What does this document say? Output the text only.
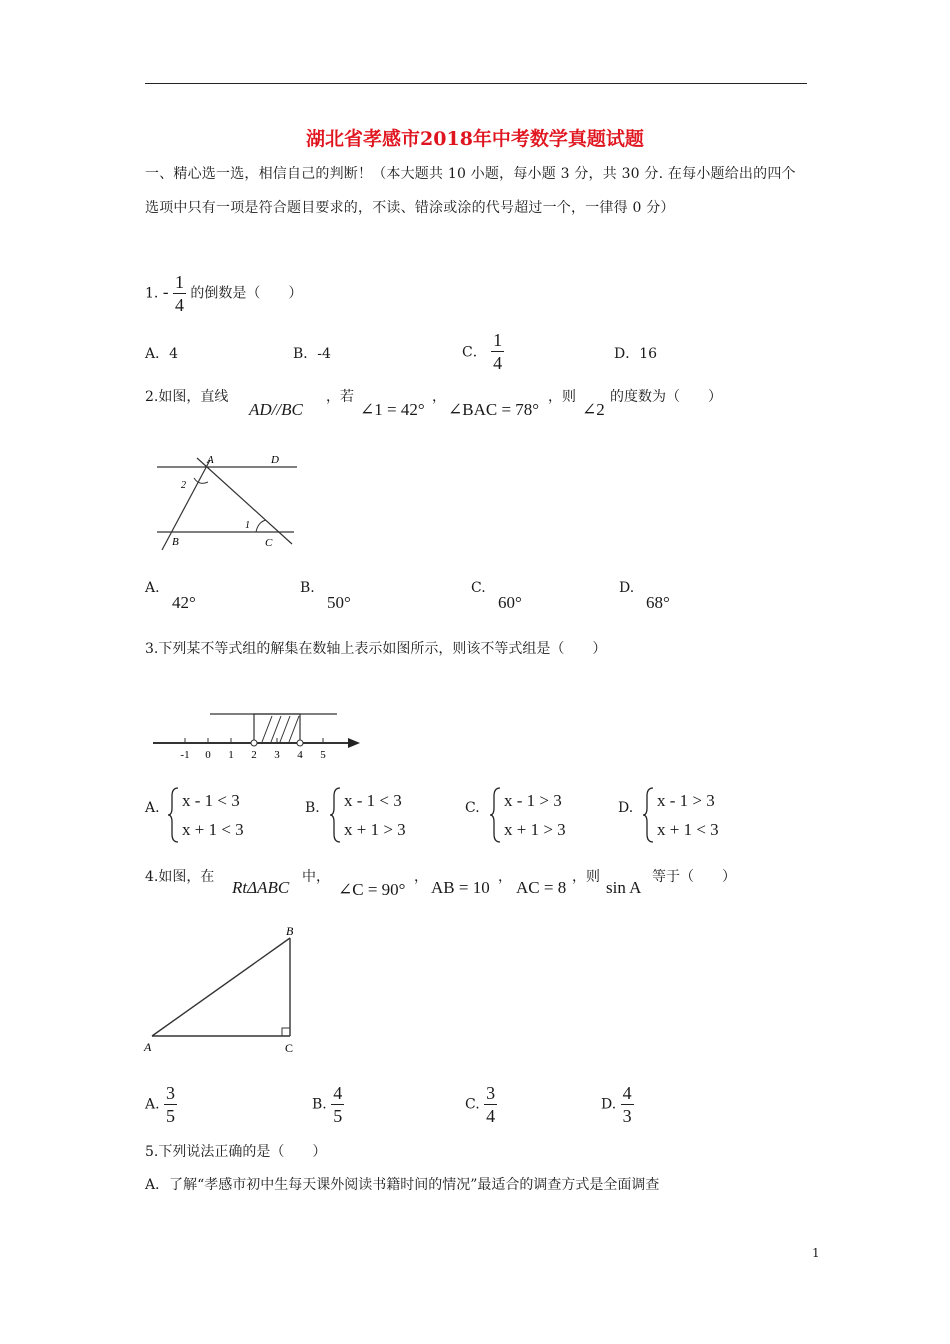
湖北省孝感市2018年中考数学真题试题
一、精心选一选，相信自己的判断！（本大题共 10 小题，每小题 3 分，共 30 分. 在每小题给出的四个选项中只有一项是符合题目要求的，不读、错涂或涂的代号超过一个，一律得 0 分）
1. - $\frac{1}{4}$ 的倒数是（　　）
A．4	B．-4	C． $\frac{1}{4}$	D．16
2.如图，直线
AD//BC
，若
∠1 = 42°
，
∠BAC = 78°
，则
∠2
的度数为（　　）
A	D
B	C
1
2
A.
42°
B.
50°
C.
60°
D.
68°
3.下列某不等式组的解集在数轴上表示如图所示，则该不等式组是（　　）
-1 0 1 2 3 4 5
A. x - 1 < 3
x + 1 < 3
B. x - 1 < 3
x + 1 > 3
C. x - 1 > 3
x + 1 > 3
D. x - 1 > 3
x + 1 < 3
4.如图，在
RtΔABC
中，
∠C = 90°
，
AB = 10
，
AC = 8
，则
sin A
等于（　　）
A
B
C
A. $\frac{3}{5}$	B. $\frac{4}{5}$	C. $\frac{3}{4}$	D. $\frac{4}{3}$
5.下列说法正确的是（　　）
A．了解“孝感市初中生每天课外阅读书籍时间的情况”最适合的调查方式是全面调查
1
